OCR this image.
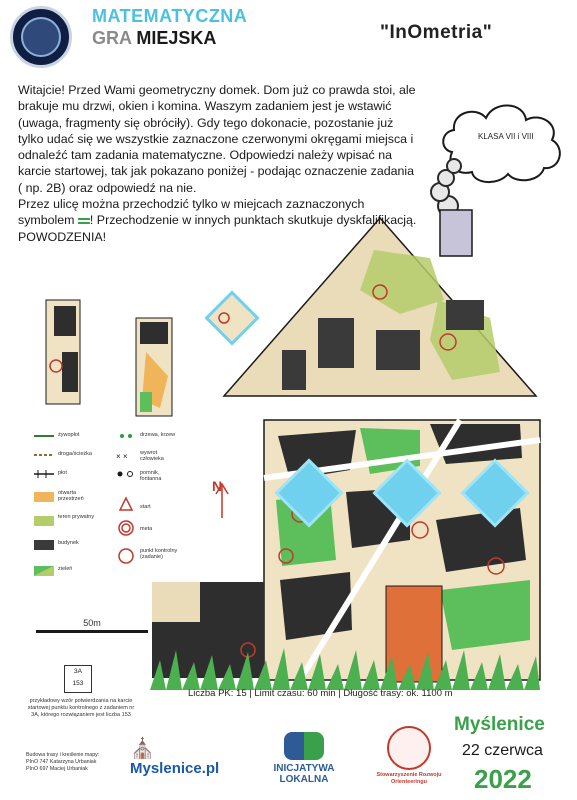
× ×
MATEMATYCZNA
GRA MIEJSKA	"InOmetria"

Witajcie! Przed Wami geometryczny domek. Dom już co prawda stoi, ale brakuje mu drzwi, okien i komina. Waszym zadaniem jest je wstawić (uwaga, fragmenty się obróciły). Gdy tego dokonacie, pozostanie już tylko udać się we wszystkie zaznaczone czerwonymi okręgami miejsca i odnaleźć tam zadania matematyczne. Odpowiedzi należy wpisać na karcie startowej, tak jak pokazano poniżej - podając oznaczenie zadania ( np. 2B) oraz odpowiedź na nie.

Przez ulicę można przechodzić tylko w miejcach zaznaczonych symbolem ! Przechodzenie w innych punktach skutkuje dyskfalifikacją.

POWODZENIA!

KLASA VII i VIII
żywopłot
droga/ścieżka
płot
otwarta przestrzeń
teren prywatny
budynek
zieleń
drzewa, krzew
wywrot człowieka
pomnik, fontanna
start
meta
punkt kontrolny (zadanie)
N
50m
3A
153
przykładowy wzór potwierdzania na karcie startowej punktu kontrolnego z zadaniem nr 3A, którego rozwiązaniem jest liczba 153
Budowa trasy i kreślenie mapy:
PInO 747 Katarzyna Urbaniak
PInO 697 Maciej Urbaniak
Liczba PK: 15 | Limit czasu: 60 min | Długość trasy: ok. 1100 m
⛪
Myslenice.pl	INICJATYWA LOKALNA	Stowarzyszenie Rozwoju Orienteeringu
Myślenice
22 czerwca
2022
